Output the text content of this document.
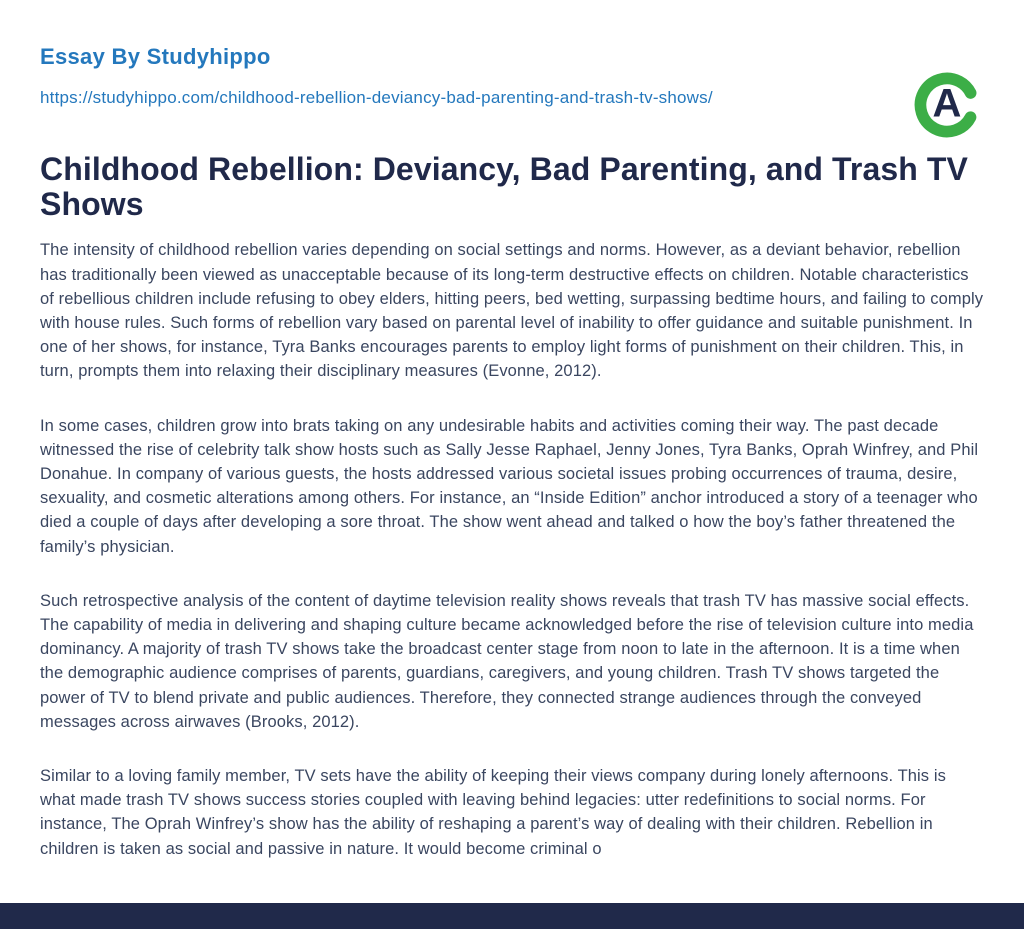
Essay By Studyhippo
https://studyhippo.com/childhood-rebellion-deviancy-bad-parenting-and-trash-tv-shows/	A
Childhood Rebellion: Deviancy, Bad Parenting, and Trash TV Shows

The intensity of childhood rebellion varies depending on social settings and norms. However, as a deviant behavior, rebellion has traditionally been viewed as unacceptable because of its long-term destructive effects on children. Notable characteristics of rebellious children include refusing to obey elders, hitting peers, bed wetting, surpassing bedtime hours, and failing to comply with house rules. Such forms of rebellion vary based on parental level of inability to offer guidance and suitable punishment. In one of her shows, for instance, Tyra Banks encourages parents to employ light forms of punishment on their children. This, in turn, prompts them into relaxing their disciplinary measures (Evonne, 2012).

In some cases, children grow into brats taking on any undesirable habits and activities coming their way. The past decade witnessed the rise of celebrity talk show hosts such as Sally Jesse Raphael, Jenny Jones, Tyra Banks, Oprah Winfrey, and Phil Donahue. In company of various guests, the hosts addressed various societal issues probing occurrences of trauma, desire, sexuality, and cosmetic alterations among others. For instance, an “Inside Edition” anchor introduced a story of a teenager who died a couple of days after developing a sore throat. The show went ahead and talked o how the boy’s father threatened the family’s physician.

Such retrospective analysis of the content of daytime television reality shows reveals that trash TV has massive social effects. The capability of media in delivering and shaping culture became acknowledged before the rise of television culture into media dominancy. A majority of trash TV shows take the broadcast center stage from noon to late in the afternoon. It is a time when the demographic audience comprises of parents, guardians, caregivers, and young children. Trash TV shows targeted the power of TV to blend private and public audiences. Therefore, they connected strange audiences through the conveyed messages across airwaves (Brooks, 2012).

Similar to a loving family member, TV sets have the ability of keeping their views company during lonely afternoons. This is what made trash TV shows success stories coupled with leaving behind legacies: utter redefinitions to social norms. For instance, The Oprah Winfrey’s show has the ability of reshaping a parent’s way of dealing with their children. Rebellion in children is taken as social and passive in nature. It would become criminal o
